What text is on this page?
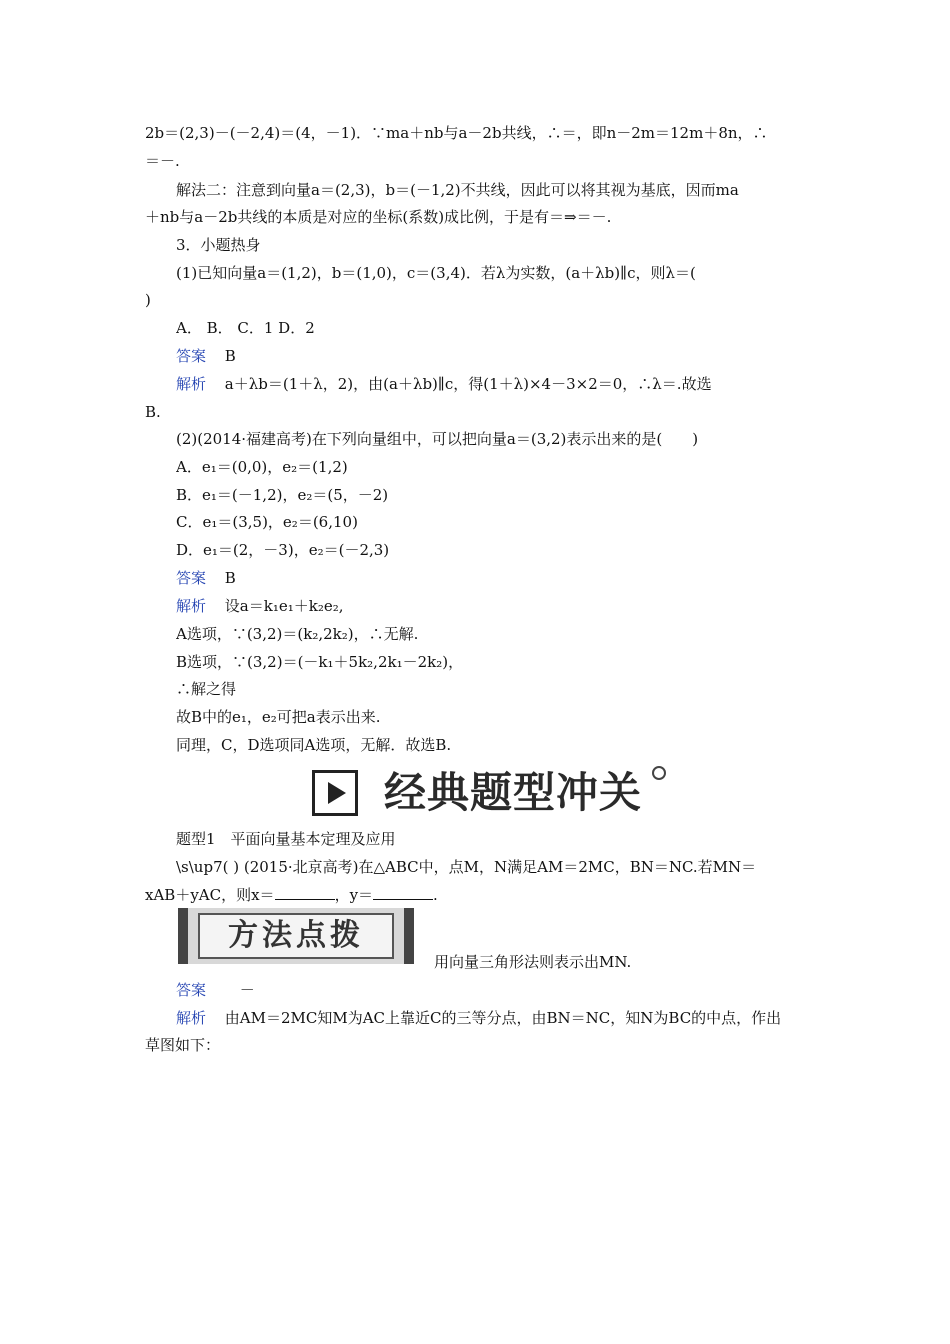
2b＝(2,3)－(－2,4)＝(4，－1)．∵ma＋nb与a－2b共线，∴＝，即n－2m＝12m＋8n，∴
＝－.
解法二：注意到向量a＝(2,3)，b＝(－1,2)不共线，因此可以将其视为基底，因而ma
＋nb与a－2b共线的本质是对应的坐标(系数)成比例，于是有＝⇒＝－.
3．小题热身
(1)已知向量a＝(1,2)，b＝(1,0)，c＝(3,4)．若λ为实数，(a＋λb)∥c，则λ＝(
)
A． B． C．1 D．2
答案 B
解析 a＋λb＝(1＋λ，2)，由(a＋λb)∥c，得(1＋λ)×4－3×2＝0，∴λ＝.故选
B.
(2)(2014·福建高考)在下列向量组中，可以把向量a＝(3,2)表示出来的是(　　)
A．e₁＝(0,0)，e₂＝(1,2)
B．e₁＝(－1,2)，e₂＝(5，－2)
C．e₁＝(3,5)，e₂＝(6,10)
D．e₁＝(2，－3)，e₂＝(－2,3)
答案 B
解析 设a＝k₁e₁＋k₂e₂,
A选项，∵(3,2)＝(k₂,2k₂)，∴无解.
B选项，∵(3,2)＝(－k₁＋5k₂,2k₁－2k₂)，
∴解之得
故B中的e₁，e₂可把a表示出来.
同理，C，D选项同A选项，无解．故选B.
经典题型冲关
题型1　平面向量基本定理及应用
\s\up7( ) (2015·北京高考)在△ABC中，点M，N满足AM＝2MC，BN＝NC.若MN＝
xAB＋yAC，则x＝	，y＝	.
方法点拨
用向量三角形法则表示出MN.
答案 　－
解析 由AM＝2MC知M为AC上靠近C的三等分点，由BN＝NC，知N为BC的中点，作出
草图如下：
